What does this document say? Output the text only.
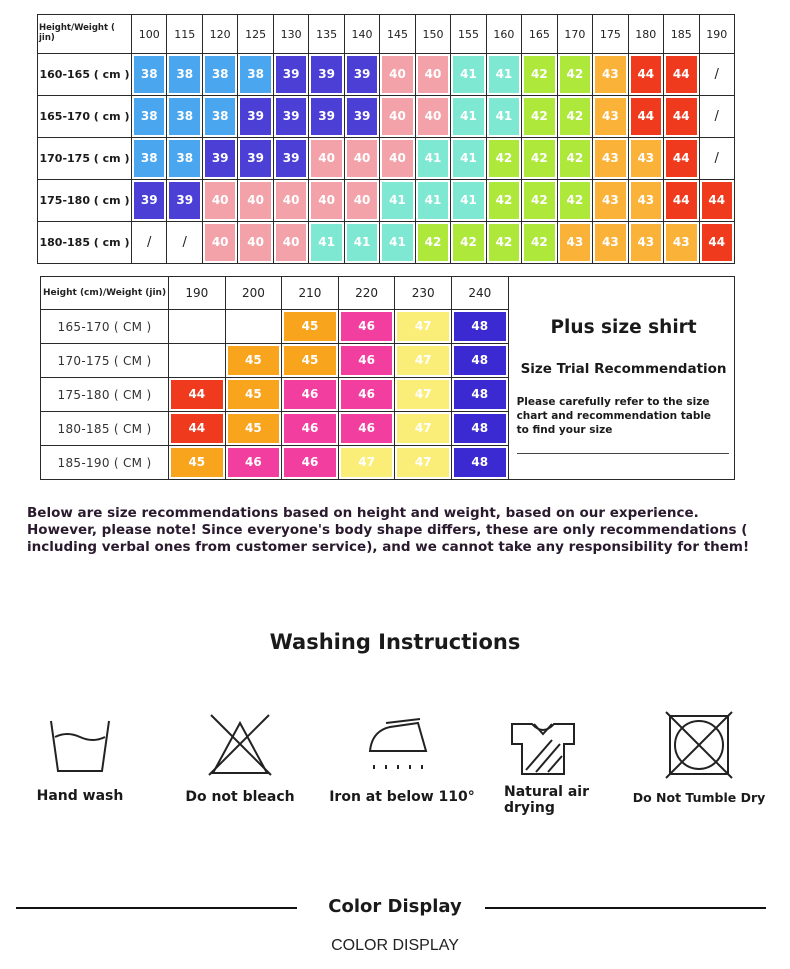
Height/Weight ( jin)	100	115	120	125	130	135	140	145	150	155	160	165	170	175	180	185	190
160-165 ( cm )	38	38	38	38	39	39	39	40	40	41	41	42	42	43	44	44	/
165-170 ( cm )	38	38	38	39	39	39	39	40	40	41	41	42	42	43	44	44	/
170-175 ( cm )	38	38	39	39	39	40	40	40	41	41	42	42	42	43	43	44	/
175-180 ( cm )	39	39	40	40	40	40	40	41	41	41	42	42	42	43	43	44	44

180-185 ( cm )	/	/	40	40	40	41	41	41	42	42	42	42	43	43	43	43	44
Height (cm)/Weight (jin)	190	200	210	220	230	240	Plus size shirt
Size Trial Recommendation
Please carefully refer to the size chart and recommendation table to find your size

165-170 ( CM )			45	46	47	48	

170-175 ( CM )		45	45	46	47	48	

175-180 ( CM )	44	45	46	46	47	48	

180-185 ( CM )	44	45	46	46	47	48	

185-190 ( CM )	45	46	46	47	47	48	
Below are size recommendations based on height and weight, based on our experience.
However, please note! Since everyone's body shape differs, these are only recommendations (
including verbal ones from customer service), and we cannot take any responsibility for them!
Washing Instructions
Hand wash	Do not bleach	Iron at below 110°	Natural air drying
Do Not Tumble Dry
Color Display
COLOR DISPLAY
